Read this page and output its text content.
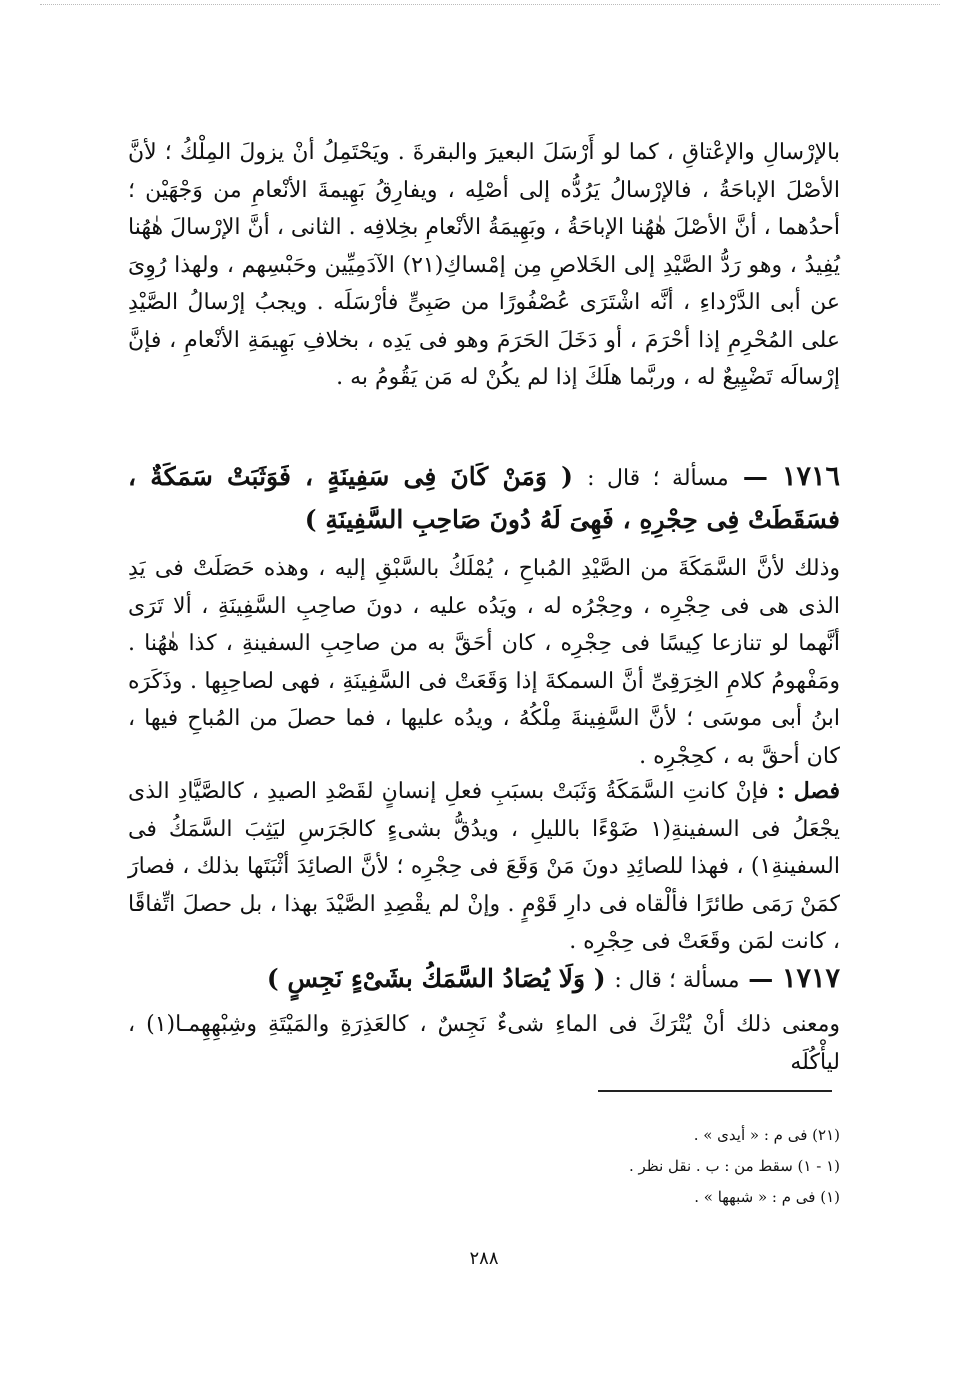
بالإرْسالِ والإعْتاقِ ، كما لو أَرْسَلَ البعيرَ والبقرةَ . ويَحْتَمِلُ أنْ يزولَ المِلْكُ ؛ لأنَّ الأصْلَ الإباحَةُ ، فالإرْسالُ يَرُدُّه إلى أصْلِه ، ويفارِقُ بَهِيمةَ الأنْعامِ من وَجْهَيْن ؛ أحدُهما ، أنَّ الأصْلَ هٰهُنا الإباحَةُ ، وبَهِيمَةُ الأنْعامِ بخِلافِه . الثانى ، أنَّ الإرْسالَ هٰهُنا يُفِيدُ ، وهو رَدُّ الصَّيْدِ إلى الخَلاصِ مِن إمْساكِ(٢١) الآدَمِيِّين وحَبْسِهم ، ولهذا رُوِىَ عن أبى الدَّرْداءِ ، أنَّه اشْتَرَى عُصْفُورًا من صَبِىٍّ فأرْسَلَه . ويجبُ إرْسالُ الصَّيْدِ على المُحْرِمِ إذا أحْرَمَ ، أو دَخَلَ الحَرَمَ وهو فى يَدِه ، بخلافِ بَهِيمَةِ الأنْعامِ ، فإنَّ إرْسالَه تَضْيِيعٌ له ، وربَّما هلَكَ إذا لم يكُنْ له مَن يَقُومُ به .

١٧١٦ — مسألة ؛ قال : ( وَمَنْ كَانَ فِى سَفِينَةٍ ، فَوَثَبَتْ سَمَكَةٌ ، فسَقَطَتْ فِى حِجْرِهِ ، فَهِىَ لَهُ دُونَ صَاحِبِ السَّفِينَةِ )

وذلك لأنَّ السَّمَكَةَ من الصَّيْدِ المُباحِ ، يُمْلَكُ بالسَّبْقِ إليه ، وهذه حَصَلَتْ فى يَدِ الذى هى فى حِجْرِه ، وحِجْرُه له ، ويَدُه عليه ، دونَ صاحِبِ السَّفِينَةِ ، ألا تَرَى أنَّهما لو تنازعا كِيسًا فى حِجْرِه ، كان أحَقَّ به من صاحِبِ السفينةِ ، كذا هٰهُنا . ومَفْهومُ كلامِ الخِرَقِىِّ أنَّ السمكةَ إذا وَقَعَتْ فى السَّفِينَةِ ، فهى لصاحِبِها . وذَكَرَه ابنُ أبى موسَى ؛ لأنَّ السَّفِينةَ مِلْكُهُ ، ويدُه عليها ، فما حصلَ من المُباحِ فيها ، كان أحقَّ به ، كحِجْرِه .

فصل : فإنْ كانتِ السَّمَكَةُ وَثَبَتْ بسبَبِ فعلِ إنسانٍ لقَصْدِ الصيدِ ، كالصَّيَّادِ الذى يجْعَلُ فى السفينةِ(١ ضَوْءًا بالليلِ ، ويدُقُّ بشىءٍ كالجَرَسِ ليَثِبَ السَّمَكُ فى السفينةِ١) ، فهذا للصائِدِ دونَ مَنْ وَقَعَ فى حِجْرِه ؛ لأنَّ الصائِدَ أثْبَتَها بذلك ، فصارَ كمَنْ رَمَى طائرًا فألْقاه فى دارِ قَوْمٍ . وإنْ لم يقْصِدِ الصَّيْدَ بهذا ، بل حصلَ اتِّفاقًا ، كانت لمَن وقَعَتْ فى حِجْرِه .

١٧١٧ — مسألة ؛ قال : ( وَلَا يُصَادُ السَّمَكُ بشَىْءٍ نَجِسٍ )

ومعنى ذلك أنْ يُتْرَكَ فى الماءِ شىءٌ نَجِسٌ ، كالعَذِرَةِ والمَيْتَةِ وشِبْهِهِمـا(١) ، ليأْكُلَه

(٢١) فى م : « أيدى » .
(١ - ١) سقط من : ب . نقل نظر .
(١) فى م : « شبهها » .
٢٨٨
